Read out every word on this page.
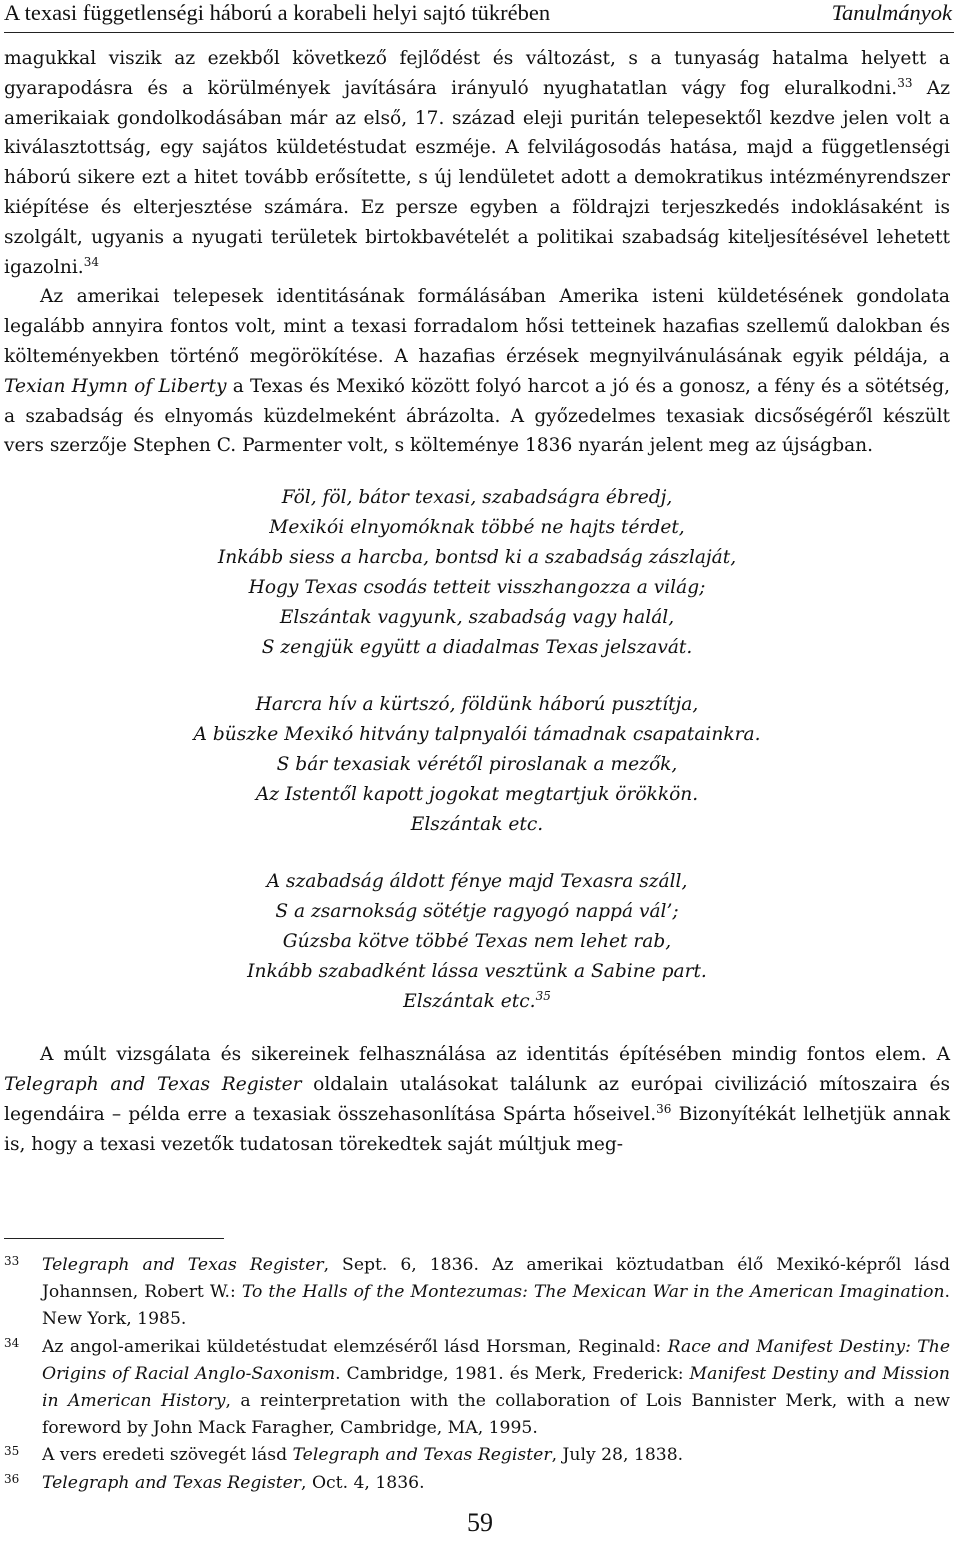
A texasi függetlenségi háború a korabeli helyi sajtó tükrében	Tanulmányok

magukkal viszik az ezekből következő fejlődést és változást, s a tunyaság hatalma helyett a gyarapodásra és a körülmények javítására irányuló nyughatatlan vágy fog eluralkodni.$^{33}$ Az amerikaiak gondolkodásában már az első, 17. század eleji puritán telepesektől kezdve jelen volt a kiválasztottság, egy sajátos küldetéstudat eszméje. A felvilágosodás hatása, majd a függetlenségi háború sikere ezt a hitet tovább erősítette, s új lendületet adott a demokratikus intézményrendszer kiépítése és elterjesztése számára. Ez persze egyben a földrajzi terjeszkedés indoklásaként is szolgált, ugyanis a nyugati területek birtokbavételét a politikai szabadság kiteljesítésével lehetett igazolni.$^{34}$

Az amerikai telepesek identitásának formálásában Amerika isteni küldetésének gondolata legalább annyira fontos volt, mint a texasi forradalom hősi tetteinek hazafias szellemű dalokban és költeményekben történő megörökítése. A hazafias érzések megnyilvánulásának egyik példája, a Texian Hymn of Liberty a Texas és Mexikó között folyó harcot a jó és a gonosz, a fény és a sötétség, a szabadság és elnyomás küzdelmeként ábrázolta. A győzedelmes texasiak dicsőségéről készült vers szerzője Stephen C. Parmenter volt, s költeménye 1836 nyarán jelent meg az újságban.

Föl, föl, bátor texasi, szabadságra ébredj,
Mexikói elnyomóknak többé ne hajts térdet,
Inkább siess a harcba, bontsd ki a szabadság zászlaját,
Hogy Texas csodás tetteit visszhangozza a világ;
Elszántak vagyunk, szabadság vagy halál,
S zengjük együtt a diadalmas Texas jelszavát.
Harcra hív a kürtszó, földünk háború pusztítja,
A büszke Mexikó hitvány talpnyalói támadnak csapatainkra.
S bár texasiak vérétől piroslanak a mezők,
Az Istentől kapott jogokat megtartjuk örökkön.
Elszántak etc.
A szabadság áldott fénye majd Texasra száll,
S a zsarnokság sötétje ragyogó nappá vál’;
Gúzsba kötve többé Texas nem lehet rab,
Inkább szabadként lássa vesztünk a Sabine part.
Elszántak etc.$^{35}$

A múlt vizsgálata és sikereinek felhasználása az identitás építésében mindig fontos elem. A Telegraph and Texas Register oldalain utalásokat találunk az európai civilizáció mítoszaira és legendáira – példa erre a texasiak összehasonlítása Spárta hőseivel.$^{36}$ Bizonyítékát lelhetjük annak is, hogy a texasi vezetők tudatosan törekedtek saját múltjuk meg-

33	Telegraph and Texas Register, Sept. 6, 1836. Az amerikai köztudatban élő Mexikó-képről lásd Johannsen, Robert W.: To the Halls of the Montezumas: The Mexican War in the American Imagination. New York, 1985.
34	Az angol-amerikai küldetéstudat elemzéséről lásd Horsman, Reginald: Race and Manifest Destiny: The Origins of Racial Anglo-Saxonism. Cambridge, 1981. és Merk, Frederick: Manifest Destiny and Mission in American History, a reinterpretation with the collaboration of Lois Bannister Merk, with a new foreword by John Mack Faragher, Cambridge, MA, 1995.
35	A vers eredeti szövegét lásd Telegraph and Texas Register, July 28, 1838.
36	Telegraph and Texas Register, Oct. 4, 1836.
59
